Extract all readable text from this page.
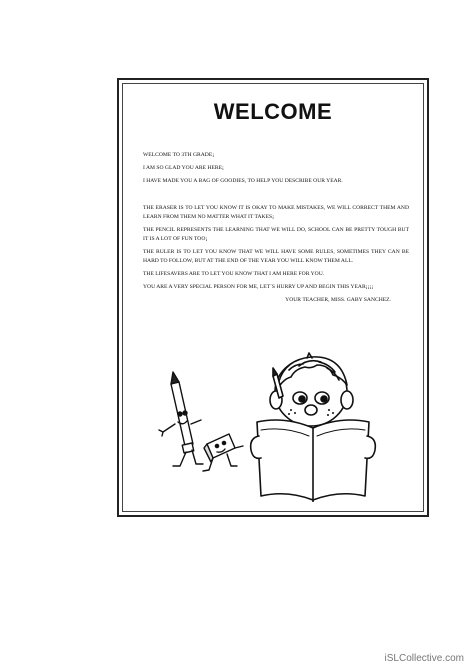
WELCOME

WELCOME TO 3TH GRADE¡

I AM SO GLAD YOU ARE HERE¡

I HAVE MADE YOU A BAG OF GOODIES, TO HELP YOU DESCRIBE OUR YEAR.

THE ERASER IS TO LET YOU KNOW IT IS OKAY TO MAKE MISTAKES, WE WILL CORRECT THEM AND LEARN FROM THEM NO MATTER WHAT IT TAKES¡

THE PENCIL REPRESENTS THE LEARNING THAT WE WILL DO, SCHOOL CAN BE PRETTY TOUGH BUT IT IS A LOT OF FUN TOO¡

THE RULER IS TO LET YOU KNOW THAT WE WILL HAVE SOME RULES, SOMETIMES THEY CAN BE HARD TO FOLLOW, BUT AT THE END OF THE YEAR YOU WILL KNOW THEM ALL.

THE LIFESAVERS ARE TO LET YOU KNOW THAT I AM HERE FOR YOU.

YOU ARE A VERY SPECIAL PERSON FOR ME, LET´S HURRY UP AND BEGIN THIS YEAR¡¡¡¡

YOUR TEACHER, MISS. GABY SANCHEZ.

iSLCollective.com
